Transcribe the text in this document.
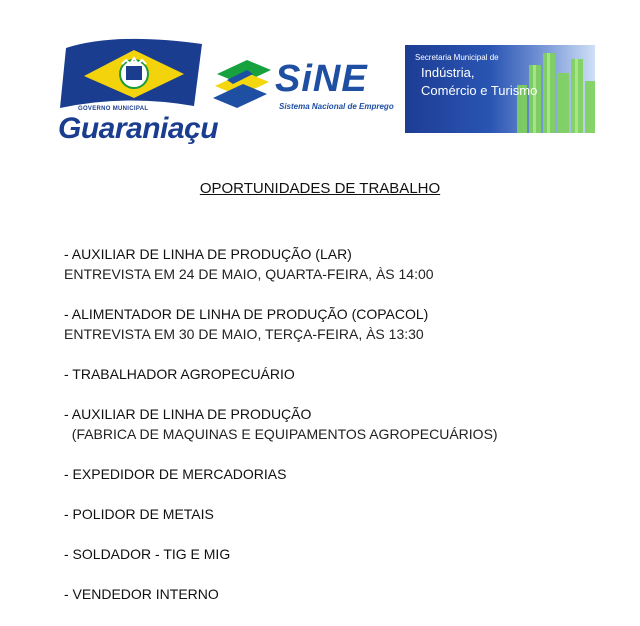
GOVERNO MUNICIPAL
Guaraniaçu
SiNE
Sistema Nacional de Emprego
Secretaria Municipal de
Indústria,
Comércio e Turismo
OPORTUNIDADES DE TRABALHO
- AUXILIAR DE LINHA DE PRODUÇÃO (LAR)
ENTREVISTA EM 24 DE MAIO, QUARTA-FEIRA, ÀS 14:00
- ALIMENTADOR DE LINHA DE PRODUÇÃO (COPACOL)
ENTREVISTA EM 30 DE MAIO, TERÇA-FEIRA, ÀS 13:30
- TRABALHADOR AGROPECUÁRIO
- AUXILIAR DE LINHA DE PRODUÇÃO
(FABRICA DE MAQUINAS E EQUIPAMENTOS AGROPECUÁRIOS)
- EXPEDIDOR DE MERCADORIAS
- POLIDOR DE METAIS
- SOLDADOR - TIG E MIG
- VENDEDOR INTERNO
